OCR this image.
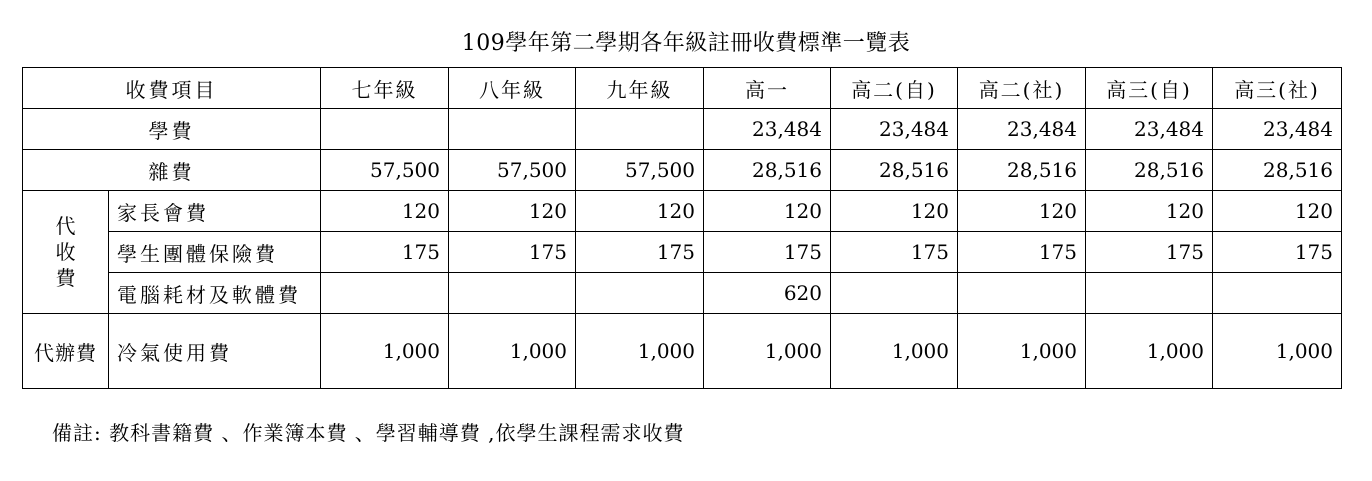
109學年第二學期各年級註冊收費標準一覽表
收費項目		七年級	八年級	九年級	高一	高二(自)	高二(社)	高三(自)	高三(社)
學費					23,484	23,484	23,484	23,484	23,484
雜費		57,500	57,500	57,500	28,516	28,516	28,516	28,516	28,516

代
收
費	家長會費	120	120	120	120	120	120	120	120
	學生團體保險費	175	175	175	175	175	175	175	175
	電腦耗材及軟體費				620				
代辦費	冷氣使用費	1,000	1,000	1,000	1,000	1,000	1,000	1,000	1,000
備註: 教科書籍費 、作業簿本費 、學習輔導費 ,依學生課程需求收費
